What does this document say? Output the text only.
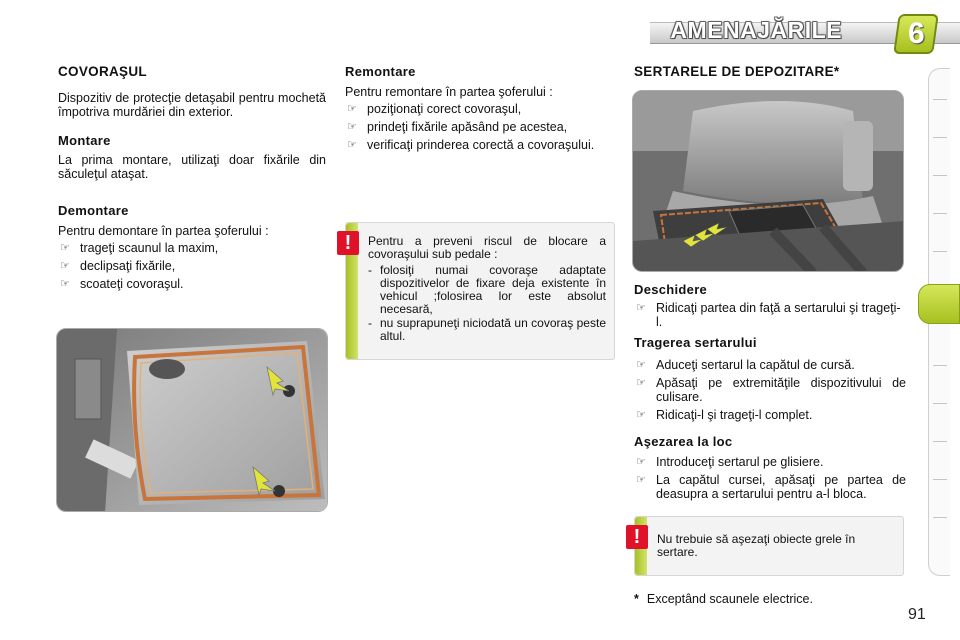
AMENAJĂRILE 6
COVORAŞUL
Dispozitiv de protecţie detaşabil pentru mochetă împotriva murdăriei din exterior.
Montare
La prima montare, utilizaţi doar fixările din săculeţul ataşat.
Demontare
Pentru demontare în partea şoferului :
☞ trageţi scaunul la maxim,
☞ declipsaţi fixările,
☞ scoateţi covoraşul.
Remontare
Pentru remontare în partea şoferului :
☞ poziţionaţi corect covoraşul,
☞ prindeţi fixările apăsând pe acestea,
☞ verificaţi prinderea corectă a covoraşului.
!	Pentru a preveni riscul de blocare a covoraşului sub pedale :
- folosiţi numai covoraşe adaptate dispozitivelor de fixare deja existente în vehicul ;folosirea lor este absolut necesară,
- nu suprapuneţi niciodată un covoraş peste altul.
SERTARELE DE DEPOZITARE*
Deschidere
☞ Ridicaţi partea din faţă a sertarului şi trageţi-l.
Tragerea sertarului
☞ Aduceţi sertarul la capătul de cursă.
☞ Apăsaţi pe extremităţile dispozitivului de culisare.
☞ Ridicaţi-l şi trageţi-l complet.
Aşezarea la loc
☞ Introduceţi sertarul pe glisiere.
☞ La capătul cursei, apăsaţi pe partea de deasupra a sertarului pentru a-l bloca.
!	Nu trebuie să aşezaţi obiecte grele în sertare.
* Exceptând scaunele electrice.
91
